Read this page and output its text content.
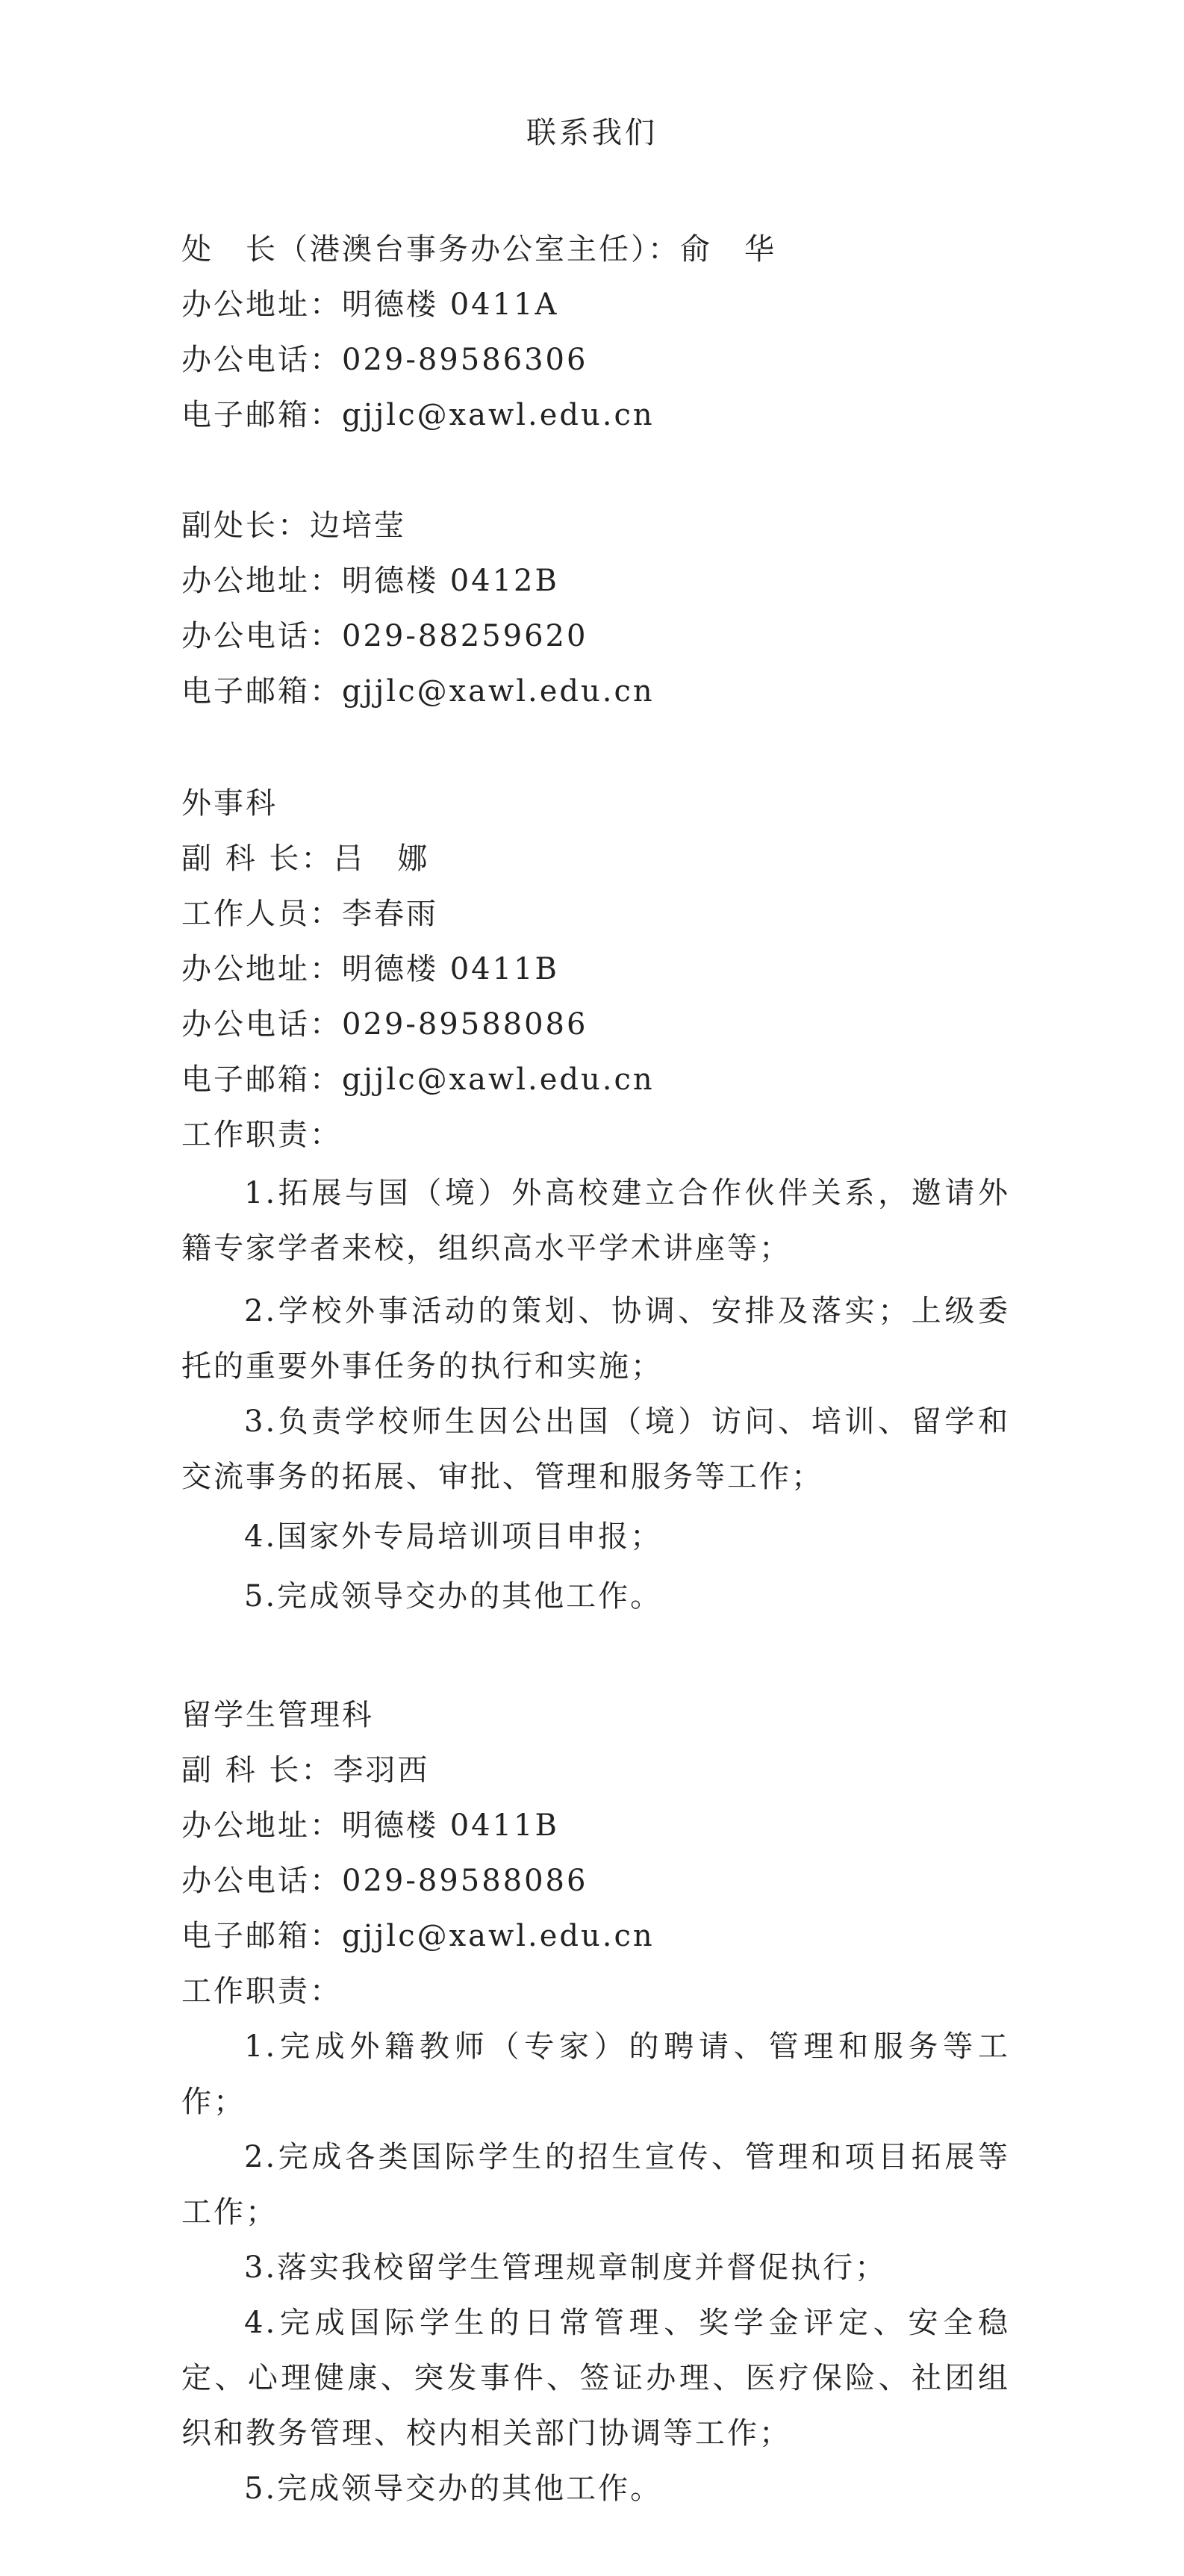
联系我们
处　长（港澳台事务办公室主任）：俞　华
办公地址：明德楼 0411A
办公电话：029-89586306
电子邮箱：gjjlc@xawl.edu.cn
副处长：边培莹
办公地址：明德楼 0412B
办公电话：029-88259620
电子邮箱：gjjlc@xawl.edu.cn
外事科
副 科 长：吕　娜
工作人员：李春雨
办公地址：明德楼 0411B
办公电话：029-89588086
电子邮箱：gjjlc@xawl.edu.cn
工作职责：
1.拓展与国（境）外高校建立合作伙伴关系，邀请外籍专家学者来校，组织高水平学术讲座等；
2.学校外事活动的策划、协调、安排及落实；上级委托的重要外事任务的执行和实施；
3.负责学校师生因公出国（境）访问、培训、留学和交流事务的拓展、审批、管理和服务等工作；
4.国家外专局培训项目申报；
5.完成领导交办的其他工作。
留学生管理科
副 科 长：李羽西
办公地址：明德楼 0411B
办公电话：029-89588086
电子邮箱：gjjlc@xawl.edu.cn
工作职责：
1.完成外籍教师（专家）的聘请、管理和服务等工作；
2.完成各类国际学生的招生宣传、管理和项目拓展等工作；
3.落实我校留学生管理规章制度并督促执行；
4.完成国际学生的日常管理、奖学金评定、安全稳定、心理健康、突发事件、签证办理、医疗保险、社团组织和教务管理、校内相关部门协调等工作；
5.完成领导交办的其他工作。
